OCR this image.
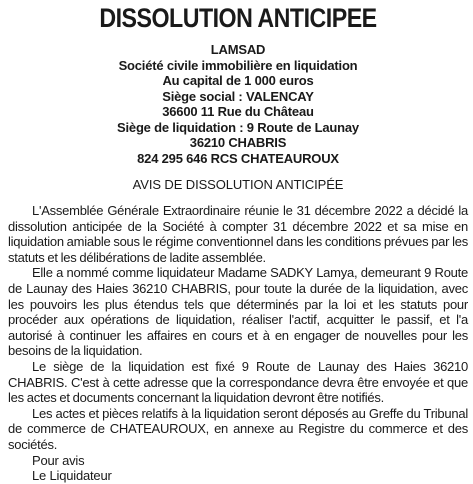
DISSOLUTION ANTICIPEE
LAMSAD
Société civile immobilière en liquidation
Au capital de 1 000 euros
Siège social : VALENCAY
36600 11 Rue du Château
Siège de liquidation : 9 Route de Launay
36210 CHABRIS
824 295 646 RCS CHATEAUROUX
AVIS DE DISSOLUTION ANTICIPÉE

L'Assemblée Générale Extraordinaire réunie le 31 décembre 2022 a décidé la dissolution anticipée de la Société à compter 31 décembre 2022 et sa mise en liquidation amiable sous le régime conventionnel dans les conditions prévues par les statuts et les délibérations de ladite assemblée.

Elle a nommé comme liquidateur Madame SADKY Lamya, demeurant 9 Route de Launay des Haies 36210 CHABRIS, pour toute la durée de la liquidation, avec les pouvoirs les plus étendus tels que déterminés par la loi et les statuts pour procéder aux opérations de liquidation, réaliser l'actif, acquitter le passif, et l'a autorisé à continuer les affaires en cours et à en engager de nouvelles pour les besoins de la liquidation.

Le siège de la liquidation est fixé 9 Route de Launay des Haies 36210 CHABRIS. C'est à cette adresse que la correspondance devra être envoyée et que les actes et documents concernant la liquidation devront être notifiés.

Les actes et pièces relatifs à la liquidation seront déposés au Greffe du Tribunal de commerce de CHATEAUROUX, en annexe au Registre du commerce et des sociétés.

Pour avis
Le Liquidateur
